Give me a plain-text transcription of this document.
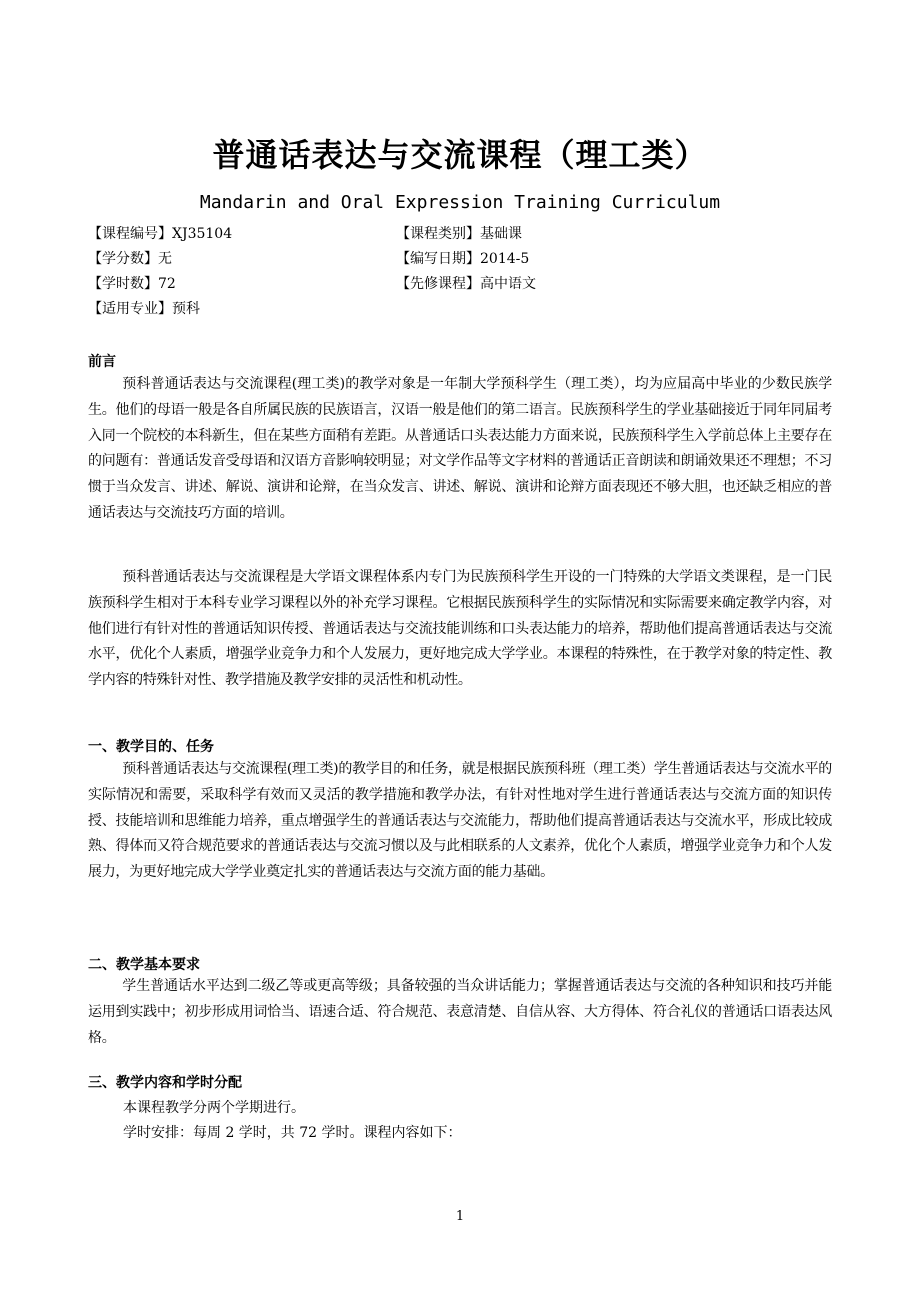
普通话表达与交流课程（理工类）
Mandarin and Oral Expression Training Curriculum
【课程编号】XJ35104	【课程类别】基础课
【学分数】无	【编写日期】2014-5
【学时数】72	【先修课程】高中语文
【适用专业】预科
前言

预科普通话表达与交流课程(理工类)的教学对象是一年制大学预科学生（理工类），均为应届高中毕业的少数民族学生。他们的母语一般是各自所属民族的民族语言，汉语一般是他们的第二语言。民族预科学生的学业基础接近于同年同届考入同一个院校的本科新生，但在某些方面稍有差距。从普通话口头表达能力方面来说，民族预科学生入学前总体上主要存在的问题有：普通话发音受母语和汉语方音影响较明显；对文学作品等文字材料的普通话正音朗读和朗诵效果还不理想；不习惯于当众发言、讲述、解说、演讲和论辩，在当众发言、讲述、解说、演讲和论辩方面表现还不够大胆，也还缺乏相应的普通话表达与交流技巧方面的培训。

预科普通话表达与交流课程是大学语文课程体系内专门为民族预科学生开设的一门特殊的大学语文类课程，是一门民族预科学生相对于本科专业学习课程以外的补充学习课程。它根据民族预科学生的实际情况和实际需要来确定教学内容，对他们进行有针对性的普通话知识传授、普通话表达与交流技能训练和口头表达能力的培养，帮助他们提高普通话表达与交流水平，优化个人素质，增强学业竞争力和个人发展力，更好地完成大学学业。本课程的特殊性，在于教学对象的特定性、教学内容的特殊针对性、教学措施及教学安排的灵活性和机动性。

一、教学目的、任务

预科普通话表达与交流课程(理工类)的教学目的和任务，就是根据民族预科班（理工类）学生普通话表达与交流水平的实际情况和需要，采取科学有效而又灵活的教学措施和教学办法，有针对性地对学生进行普通话表达与交流方面的知识传授、技能培训和思维能力培养，重点增强学生的普通话表达与交流能力，帮助他们提高普通话表达与交流水平，形成比较成熟、得体而又符合规范要求的普通话表达与交流习惯以及与此相联系的人文素养，优化个人素质，增强学业竞争力和个人发展力，为更好地完成大学学业奠定扎实的普通话表达与交流方面的能力基础。

二、教学基本要求

学生普通话水平达到二级乙等或更高等级；具备较强的当众讲话能力；掌握普通话表达与交流的各种知识和技巧并能运用到实践中；初步形成用词恰当、语速合适、符合规范、表意清楚、自信从容、大方得体、符合礼仪的普通话口语表达风格。

三、教学内容和学时分配
本课程教学分两个学期进行。
学时安排：每周 2 学时，共 72 学时。课程内容如下：
1
